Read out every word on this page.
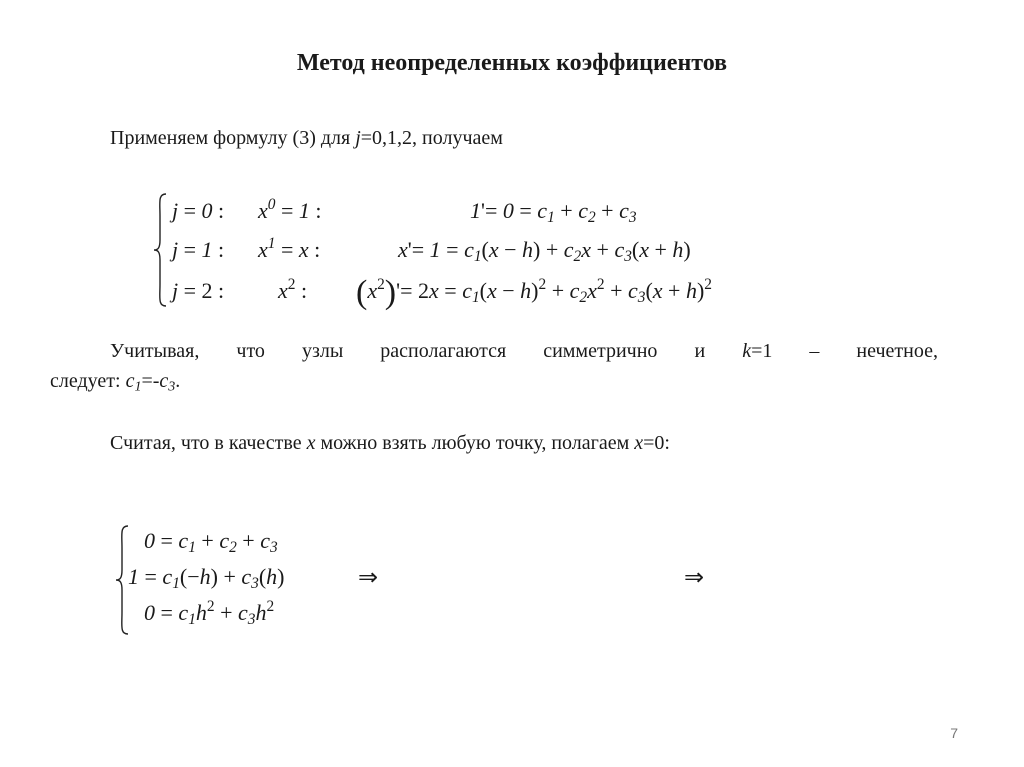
Метод неопределенных коэффициентов
Применяем формулу (3) для j=0,1,2, получаем
j = 0 : $x^0 = 1$ :	$1'= 0 = c_1 + c_2 + c_3$
j = 1 : $x^1 = x$ :	$x'= 1 = c_1(x - h) + c_2x + c_3(x + h)$
j = 2 : $x^2$ : $(x^2)'= 2x = c_1(x - h)^2 + c_2x^2 + c_3(x + h)^2$
Учитывая, что узлы располагаются симметрично и k=1 – нечетное,
следует: $c_1=-c_3$.
Считая, что в качестве x можно взять любую точку, полагаем x=0:
$0 = c_1 + c_2 + c_3$
$1 = c_1(-h) + c_3(h)$
$0 = c_1h^2 + c_3h^2$
⇒	⇒
7
